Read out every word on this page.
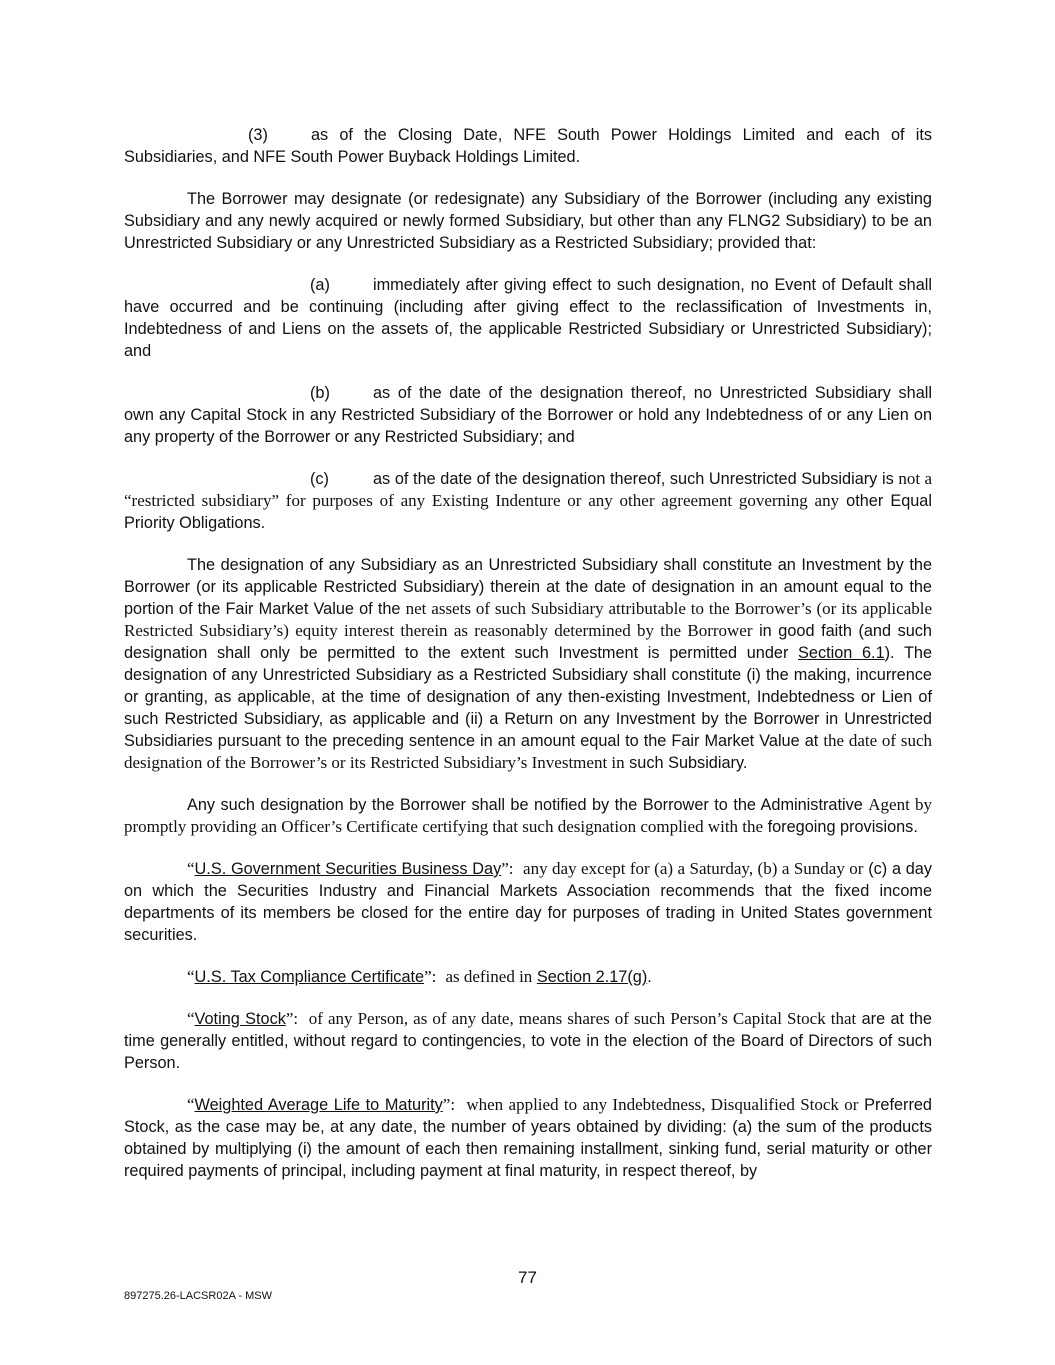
(3)	as of the Closing Date, NFE South Power Holdings Limited and each of its Subsidiaries, and NFE South Power Buyback Holdings Limited.

The Borrower may designate (or redesignate) any Subsidiary of the Borrower (including any existing Subsidiary and any newly acquired or newly formed Subsidiary, but other than any FLNG2 Subsidiary) to be an Unrestricted Subsidiary or any Unrestricted Subsidiary as a Restricted Subsidiary; provided that:

(a)	immediately after giving effect to such designation, no Event of Default shall have occurred and be continuing (including after giving effect to the reclassification of Investments in, Indebtedness of and Liens on the assets of, the applicable Restricted Subsidiary or Unrestricted Subsidiary); and
(b)	as of the date of the designation thereof, no Unrestricted Subsidiary shall own any Capital Stock in any Restricted Subsidiary of the Borrower or hold any Indebtedness of or any Lien on any property of the Borrower or any Restricted Subsidiary; and
(c)	as of the date of the designation thereof, such Unrestricted Subsidiary is not a “restricted subsidiary” for purposes of any Existing Indenture or any other agreement governing any other Equal Priority Obligations.

The designation of any Subsidiary as an Unrestricted Subsidiary shall constitute an Investment by the Borrower (or its applicable Restricted Subsidiary) therein at the date of designation in an amount equal to the portion of the Fair Market Value of the net assets of such Subsidiary attributable to the Borrower’s (or its applicable Restricted Subsidiary’s) equity interest therein as reasonably determined by the Borrower in good faith (and such designation shall only be permitted to the extent such Investment is permitted under Section 6.1). The designation of any Unrestricted Subsidiary as a Restricted Subsidiary shall constitute (i) the making, incurrence or granting, as applicable, at the time of designation of any then-existing Investment, Indebtedness or Lien of such Restricted Subsidiary, as applicable and (ii) a Return on any Investment by the Borrower in Unrestricted Subsidiaries pursuant to the preceding sentence in an amount equal to the Fair Market Value at the date of such designation of the Borrower’s or its Restricted Subsidiary’s Investment in such Subsidiary.

Any such designation by the Borrower shall be notified by the Borrower to the Administrative Agent by promptly providing an Officer’s Certificate certifying that such designation complied with the foregoing provisions.

“U.S. Government Securities Business Day”: any day except for (a) a Saturday, (b) a Sunday or (c) a day on which the Securities Industry and Financial Markets Association recommends that the fixed income departments of its members be closed for the entire day for purposes of trading in United States government securities.

“U.S. Tax Compliance Certificate”: as defined in Section 2.17(g).

“Voting Stock”: of any Person, as of any date, means shares of such Person’s Capital Stock that are at the time generally entitled, without regard to contingencies, to vote in the election of the Board of Directors of such Person.

“Weighted Average Life to Maturity”: when applied to any Indebtedness, Disqualified Stock or Preferred Stock, as the case may be, at any date, the number of years obtained by dividing: (a) the sum of the products obtained by multiplying (i) the amount of each then remaining installment, sinking fund, serial maturity or other required payments of principal, including payment at final maturity, in respect thereof, by

77
897275.26-LACSR02A - MSW
